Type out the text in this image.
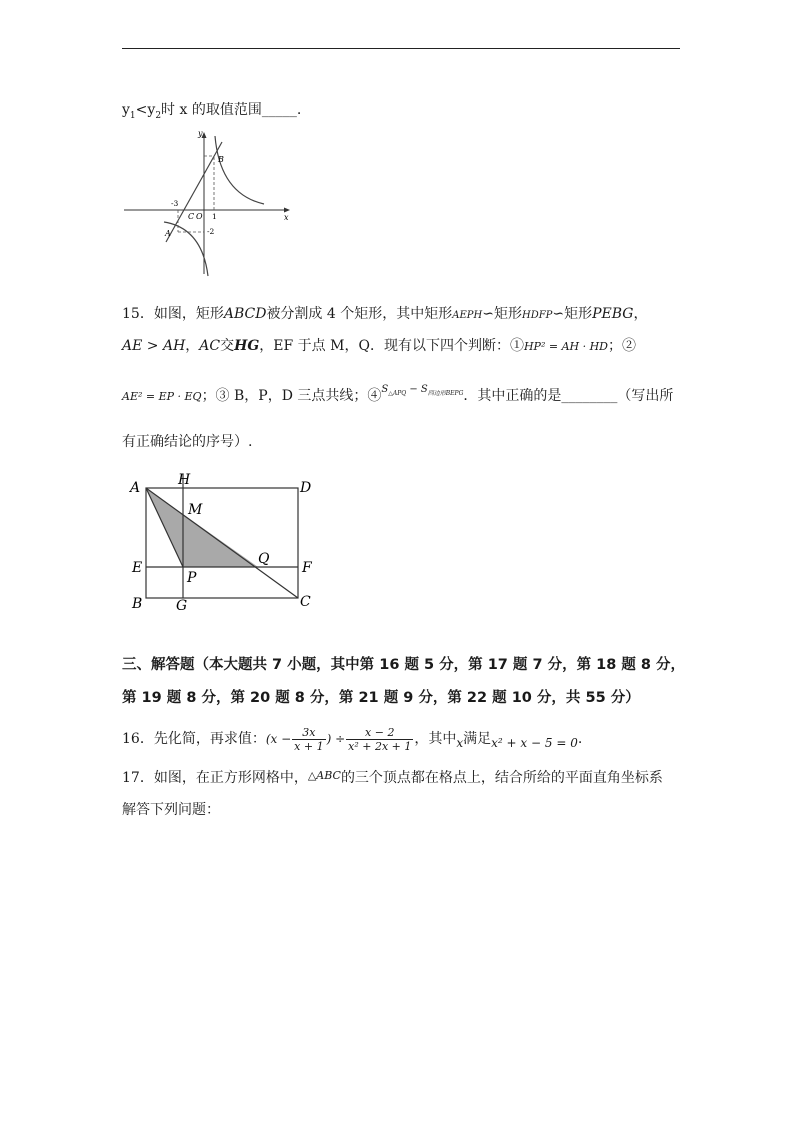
$y_1<y_2$时 x 的取值范围_____.
y
x
-3
C O 1
-2
A
B
15．如图，矩形ABCD被分割成 4 个矩形，其中矩形AEPH∽矩形HDFP∽矩形PEBG，
AE > AH，AC交HG，EF 于点 M，Q．现有以下四个判断：①HP² = AH · HD；②
AE² = EP · EQ；③ B，P，D 三点共线；④$^{S_{\triangle APQ} - S_{四边形BEPG}}$．其中正确的是________（写出所
有正确结论的序号）.
A	H	D
M
E
P
Q
F
B G	C
三、解答题（本大题共 7 小题，其中第 16 题 5 分，第 17 题 7 分，第 18 题 8 分，
第 19 题 8 分，第 20 题 8 分，第 21 题 9 分，第 22 题 10 分，共 55 分）
16．先化简，再求值：($x - \frac{3x}{x + 1}$ ) ÷ $\frac{x - 2}{\text{x² + 2x + 1}}$ ，其中x满足x² + x − 5 = 0.
17．如图，在正方形网格中，$^{\triangle ABC}$的三个顶点都在格点上，结合所给的平面直角坐标系
解答下列问题：
